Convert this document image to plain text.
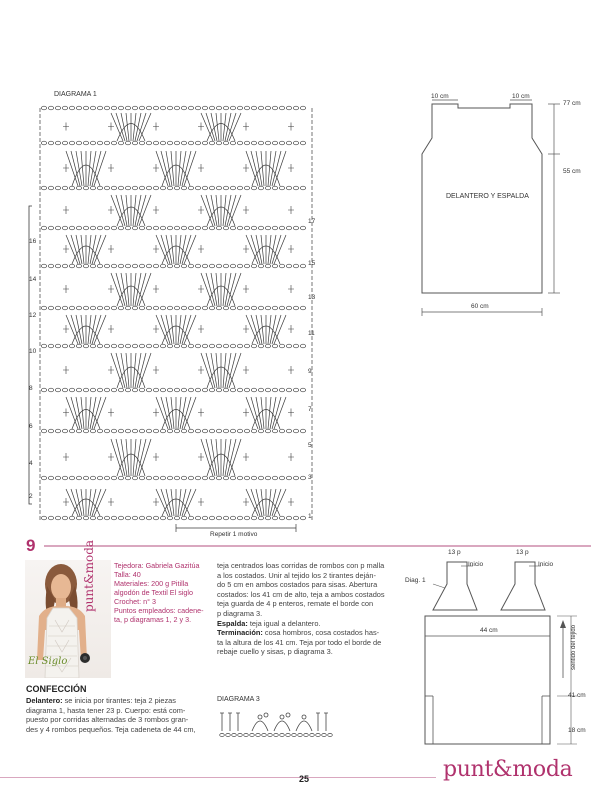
DIAGRAMA 1
16
14
12
10
8
6
4
2
17
15
13
11
9
7
5
3
1
Repetir 1 motivo
10 cm	10 cm
77 cm
55 cm
DELANTERO Y ESPALDA
60 cm
9	punt&moda
El Siglo
Tejedora: Gabriela Gazitúa
Talla: 40
Materiales: 200 g Pitilla
algodón de Textil El siglo
Crochet: n° 3
Puntos empleados: cadene-
ta, p diagramas 1, 2 y 3.
CONFECCIÓN
Delantero: se inicia por tirantes: teja 2 piezas
diagrama 1, hasta tener 23 p. Cuerpo: está com-
puesto por corridas alternadas de 3 rombos gran-
des y 4 rombos pequeños. Teja cadeneta de 44 cm,
teja centrados loas corridas de rombos con p malla
a los costados. Unir al tejido los 2 tirantes deján-
do 5 cm en ambos costados para sisas. Abertura
costados: los 41 cm de alto, teja a ambos costados
teja guarda de 4 p enteros, remate el borde con
p diagrama 3.
Espalda: teja igual a delantero.
Terminación: cosa hombros, cosa costados has-
ta la altura de los 41 cm. Teja por todo el borde de
rebaje cuello y sisas, p diagrama 3.
DIAGRAMA 3
13 p	13 p
Inicio	Inicio
Diag. 1
44 cm
sentido del tejido
41 cm
18 cm
25	punt&moda
